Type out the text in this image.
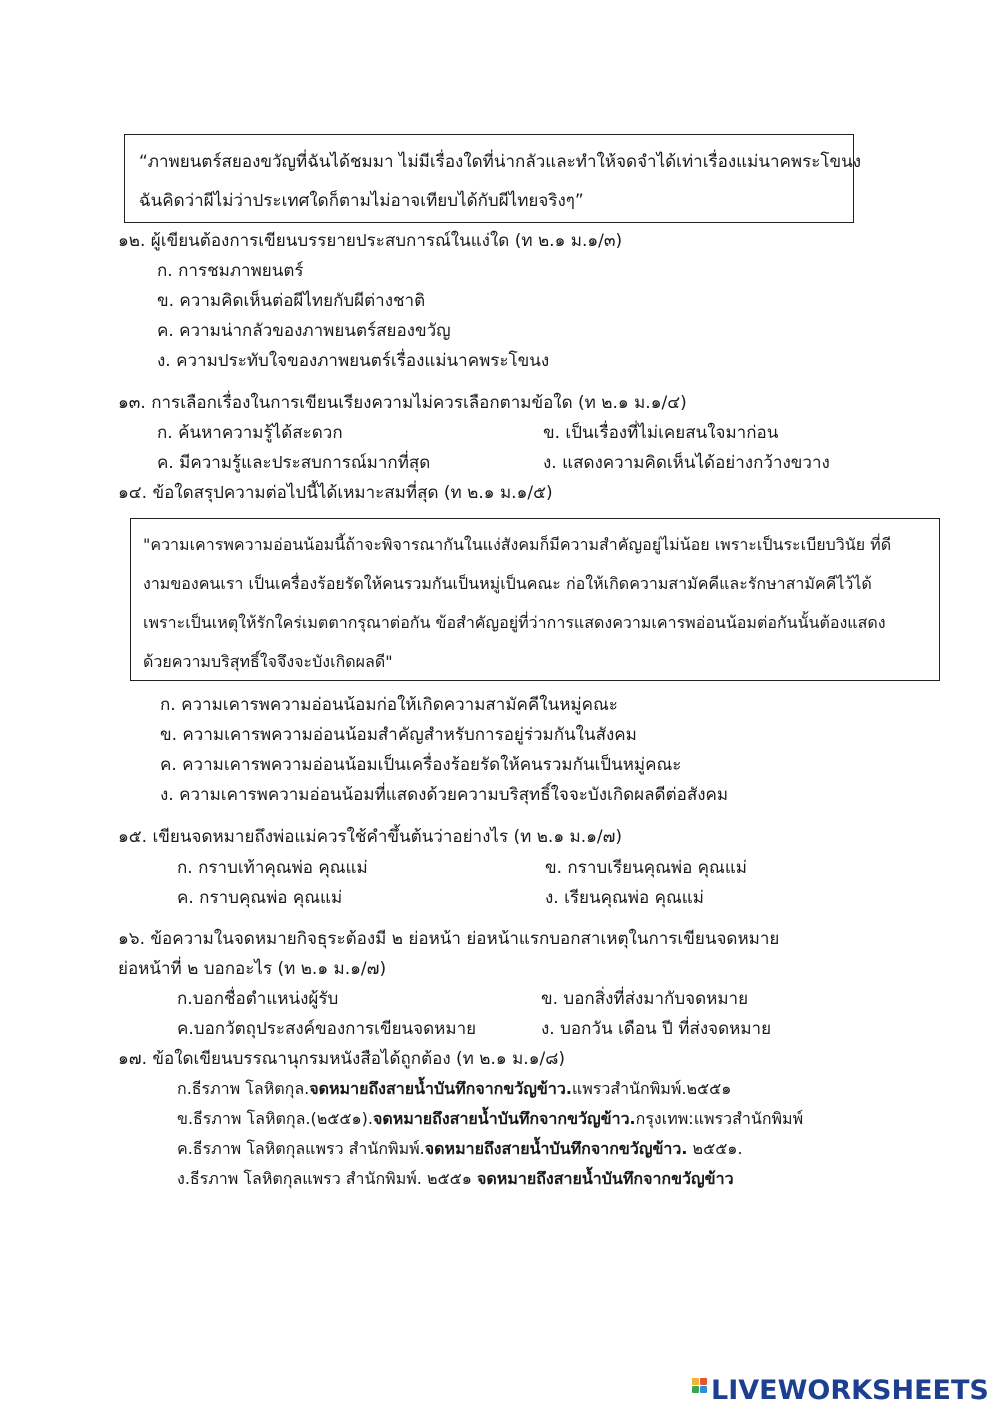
“ภาพยนตร์สยองขวัญที่ฉันได้ชมมา ไม่มีเรื่องใดที่น่ากลัวและทำให้จดจำได้เท่าเรื่องแม่นาคพระโขนง
ฉันคิดว่าผีไม่ว่าประเทศใดก็ตามไม่อาจเทียบได้กับผีไทยจริงๆ”
๑๒. ผู้เขียนต้องการเขียนบรรยายประสบการณ์ในแง่ใด (ท ๒.๑ ม.๑/๓)
ก. การชมภาพยนตร์
ข. ความคิดเห็นต่อผีไทยกับผีต่างชาติ
ค. ความน่ากลัวของภาพยนตร์สยองขวัญ
ง. ความประทับใจของภาพยนตร์เรื่องแม่นาคพระโขนง
๑๓. การเลือกเรื่องในการเขียนเรียงความไม่ควรเลือกตามข้อใด (ท ๒.๑ ม.๑/๔)
ก. ค้นหาความรู้ได้สะดวก	ข. เป็นเรื่องที่ไม่เคยสนใจมาก่อน
ค. มีความรู้และประสบการณ์มากที่สุด	ง. แสดงความคิดเห็นได้อย่างกว้างขวาง
๑๔. ข้อใดสรุปความต่อไปนี้ได้เหมาะสมที่สุด (ท ๒.๑ ม.๑/๕)
"ความเคารพความอ่อนน้อมนี้ถ้าจะพิจารณากันในแง่สังคมก็มีความสำคัญอยู่ไม่น้อย เพราะเป็นระเบียบวินัย ที่ดี
งามของคนเรา เป็นเครื่องร้อยรัดให้คนรวมกันเป็นหมู่เป็นคณะ ก่อให้เกิดความสามัคคีและรักษาสามัคคีไว้ได้
เพราะเป็นเหตุให้รักใคร่เมตตากรุณาต่อกัน ข้อสำคัญอยู่ที่ว่าการแสดงความเคารพอ่อนน้อมต่อกันนั้นต้องแสดง
ด้วยความบริสุทธิ์ใจจึงจะบังเกิดผลดี"
ก. ความเคารพความอ่อนน้อมก่อให้เกิดความสามัคคีในหมู่คณะ
ข. ความเคารพความอ่อนน้อมสำคัญสำหรับการอยู่ร่วมกันในสังคม
ค. ความเคารพความอ่อนน้อมเป็นเครื่องร้อยรัดให้คนรวมกันเป็นหมู่คณะ
ง. ความเคารพความอ่อนน้อมที่แสดงด้วยความบริสุทธิ์ใจจะบังเกิดผลดีต่อสังคม
๑๕. เขียนจดหมายถึงพ่อแม่ควรใช้คำขึ้นต้นว่าอย่างไร (ท ๒.๑ ม.๑/๗)
ก. กราบเท้าคุณพ่อ คุณแม่	ข. กราบเรียนคุณพ่อ คุณแม่
ค. กราบคุณพ่อ คุณแม่	ง. เรียนคุณพ่อ คุณแม่
๑๖. ข้อความในจดหมายกิจธุระต้องมี ๒ ย่อหน้า ย่อหน้าแรกบอกสาเหตุในการเขียนจดหมาย
ย่อหน้าที่ ๒ บอกอะไร (ท ๒.๑ ม.๑/๗)
ก.บอกชื่อตำแหน่งผู้รับ	ข. บอกสิ่งที่ส่งมากับจดหมาย
ค.บอกวัตถุประสงค์ของการเขียนจดหมาย	ง. บอกวัน เดือน ปี ที่ส่งจดหมาย
๑๗. ข้อใดเขียนบรรณานุกรมหนังสือได้ถูกต้อง (ท ๒.๑ ม.๑/๘)
ก.ธีรภาพ โลหิตกุล.จดหมายถึงสายน้ำบันทึกจากขวัญข้าว.แพรวสำนักพิมพ์.๒๕๕๑
ข.ธีรภาพ โลหิตกุล.(๒๕๕๑).จดหมายถึงสายน้ำบันทึกจากขวัญข้าว.กรุงเทพ:แพรวสำนักพิมพ์
ค.ธีรภาพ โลหิตกุลแพรว สำนักพิมพ์.จดหมายถึงสายน้ำบันทึกจากขวัญข้าว. ๒๕๕๑.
ง.ธีรภาพ โลหิตกุลแพรว สำนักพิมพ์. ๒๕๕๑ จดหมายถึงสายน้ำบันทึกจากขวัญข้าว
LIVEWORKSHEETS
